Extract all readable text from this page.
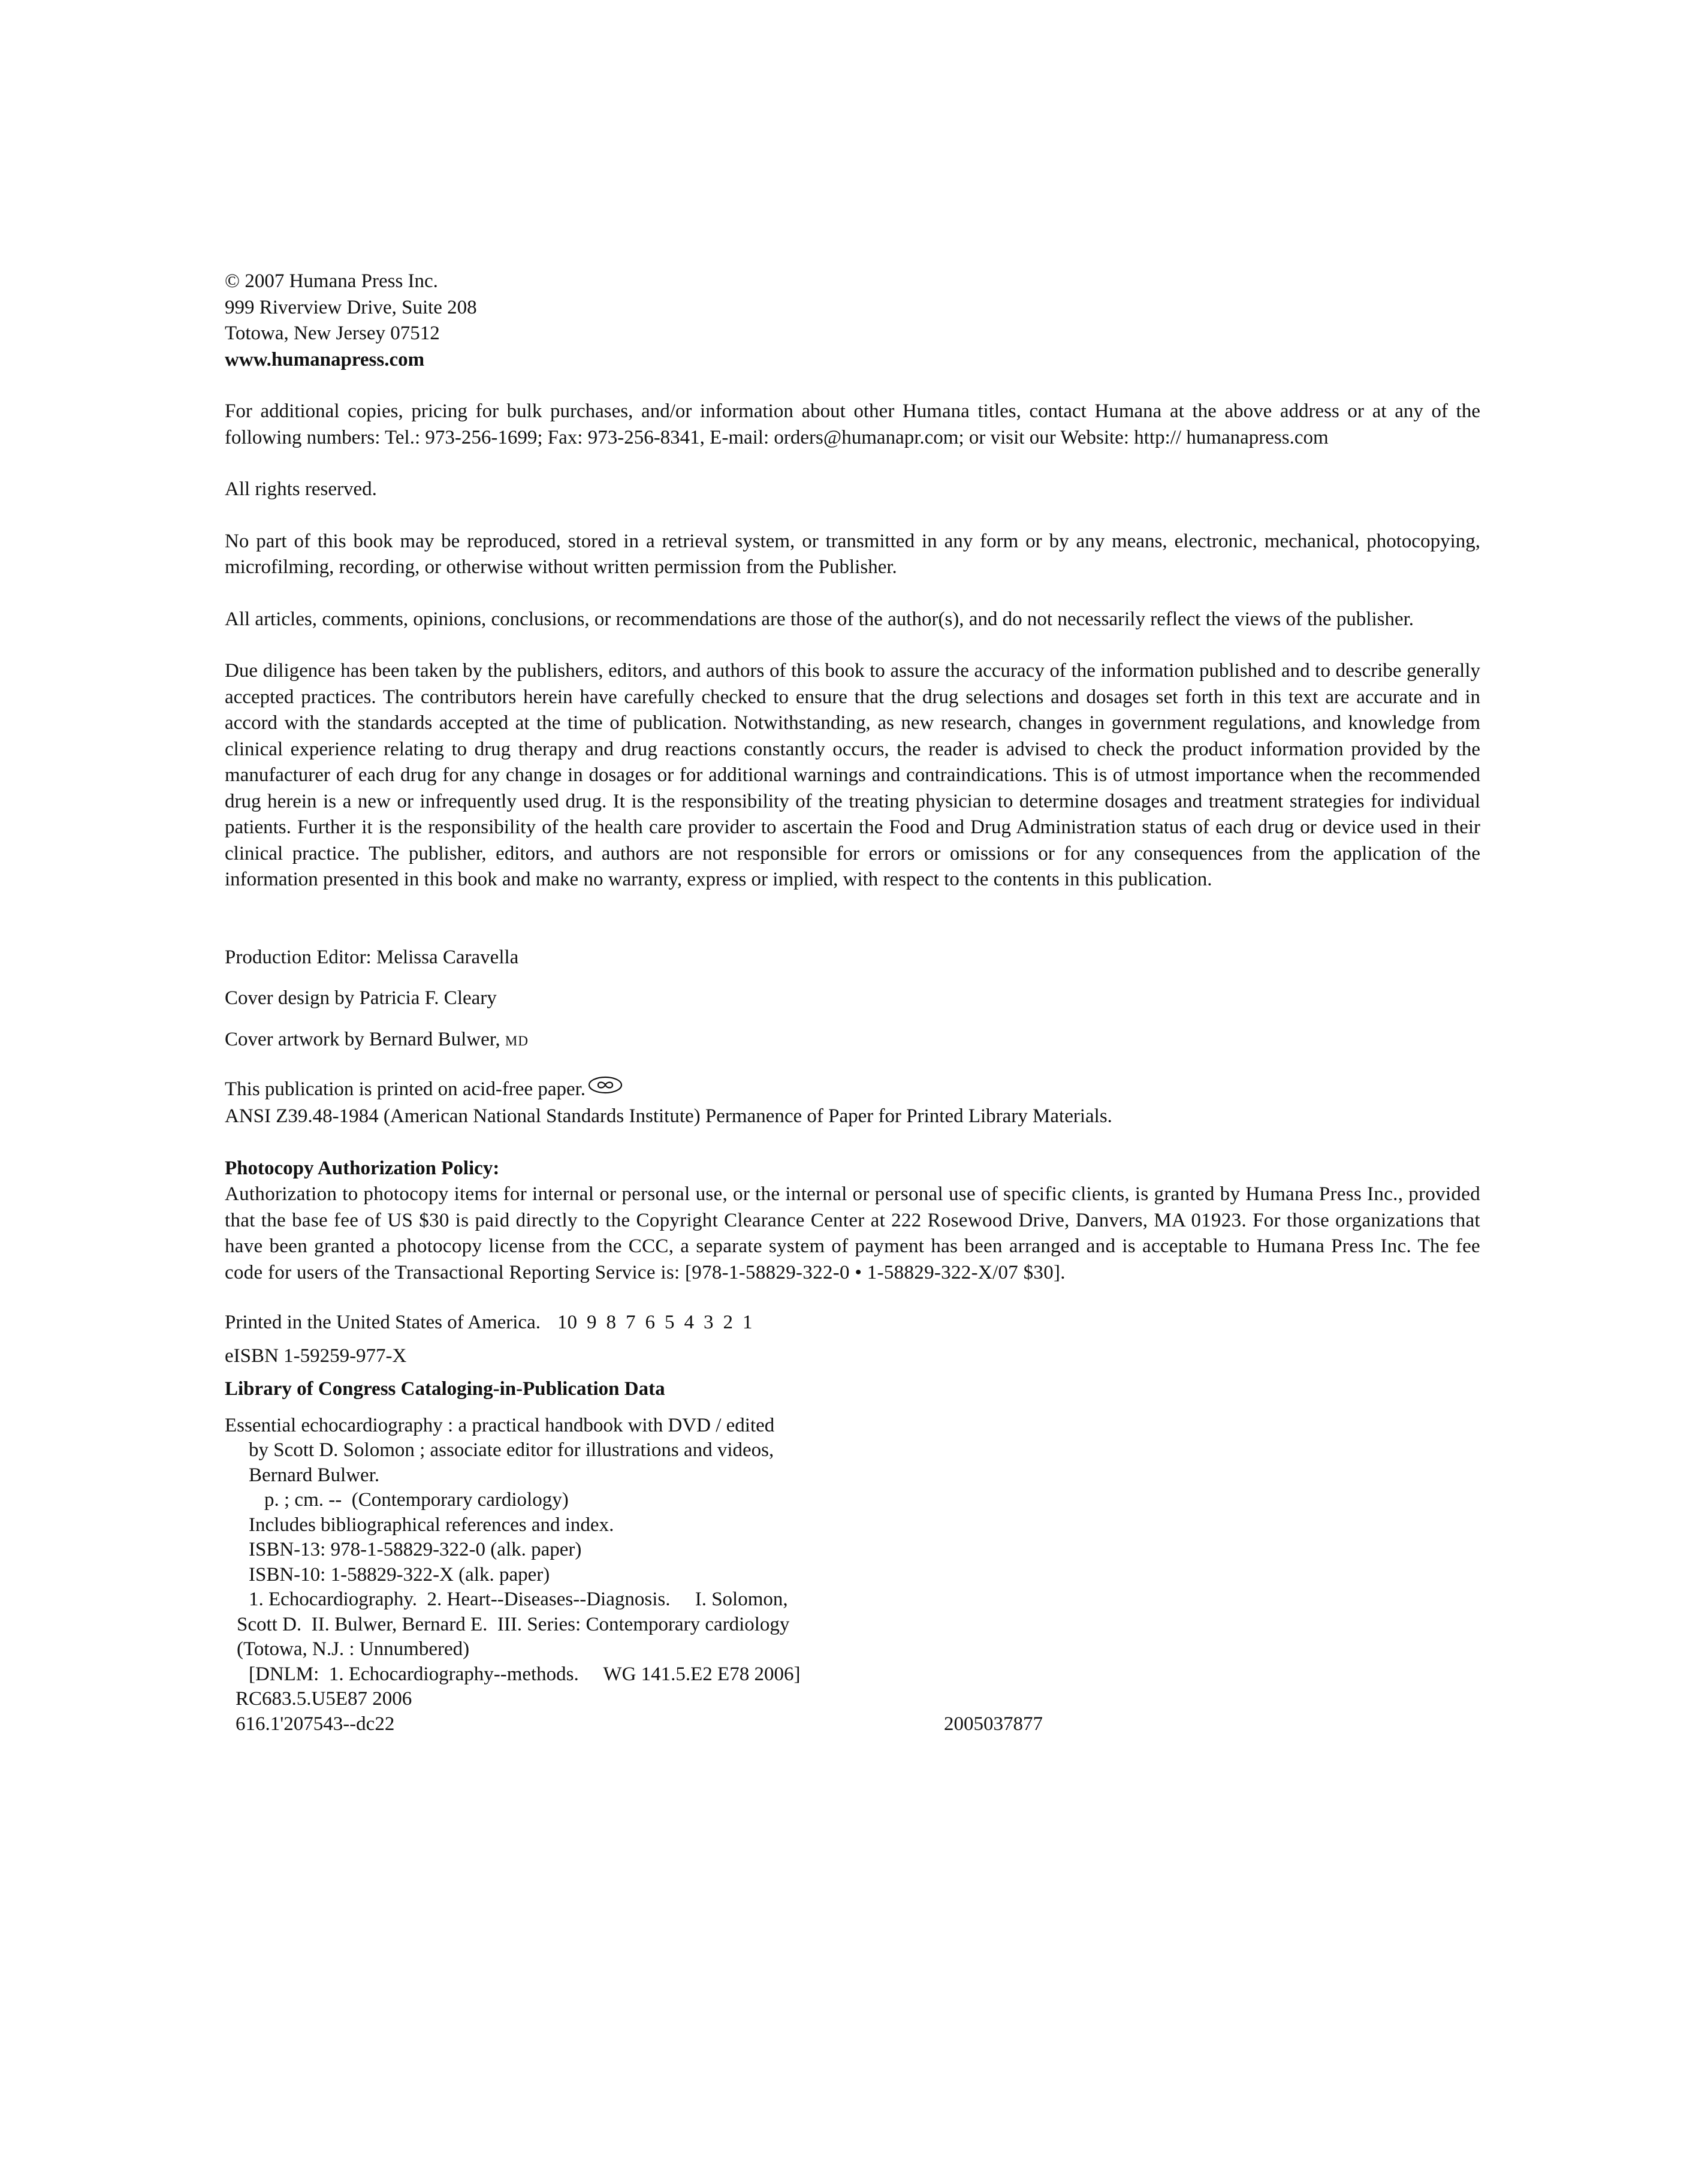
© 2007 Humana Press Inc.

999 Riverview Drive, Suite 208

Totowa, New Jersey 07512

www.humanapress.com

For additional copies, pricing for bulk purchases, and/or information about other Humana titles, contact Humana at the above address or at any of the following numbers: Tel.: 973-256-1699; Fax: 973-256-8341, E-mail: orders@humanapr.com; or visit our Website: http:// humanapress.com

All rights reserved.

No part of this book may be reproduced, stored in a retrieval system, or transmitted in any form or by any means, electronic, mechanical, photocopying, microfilming, recording, or otherwise without written permission from the Publisher.

All articles, comments, opinions, conclusions, or recommendations are those of the author(s), and do not necessarily reflect the views of the publisher.

Due diligence has been taken by the publishers, editors, and authors of this book to assure the accuracy of the information published and to describe generally accepted practices. The contributors herein have carefully checked to ensure that the drug selections and dosages set forth in this text are accurate and in accord with the standards accepted at the time of publication. Notwithstanding, as new research, changes in government regulations, and knowledge from clinical experience relating to drug therapy and drug reactions constantly occurs, the reader is advised to check the product information provided by the manufacturer of each drug for any change in dosages or for additional warnings and contraindications. This is of utmost importance when the recommended drug herein is a new or infrequently used drug. It is the responsibility of the treating physician to determine dosages and treatment strategies for individual patients. Further it is the responsibility of the health care provider to ascertain the Food and Drug Administration status of each drug or device used in their clinical practice. The publisher, editors, and authors are not responsible for errors or omissions or for any consequences from the application of the information presented in this book and make no warranty, express or implied, with respect to the contents in this publication.

Production Editor: Melissa Caravella

Cover design by Patricia F. Cleary

Cover artwork by Bernard Bulwer, MD

This publication is printed on acid-free paper.

ANSI Z39.48-1984 (American National Standards Institute) Permanence of Paper for Printed Library Materials.

Photocopy Authorization Policy:

Authorization to photocopy items for internal or personal use, or the internal or personal use of specific clients, is granted by Humana Press Inc., provided that the base fee of US $30 is paid directly to the Copyright Clearance Center at 222 Rosewood Drive, Danvers, MA 01923. For those organizations that have been granted a photocopy license from the CCC, a separate system of payment has been arranged and is acceptable to Humana Press Inc. The fee code for users of the Transactional Reporting Service is: [978-1-58829-322-0 • 1-58829-322-X/07 $30].

Printed in the United States of America. 10 9 8 7 6 5 4 3 2 1

eISBN 1-59259-977-X

Library of Congress Cataloging-in-Publication Data

Essential echocardiography : a practical handbook with DVD / edited

by Scott D. Solomon ; associate editor for illustrations and videos,

Bernard Bulwer.

p. ; cm. --  (Contemporary cardiology)

Includes bibliographical references and index.

ISBN-13: 978-1-58829-322-0 (alk. paper)

ISBN-10: 1-58829-322-X (alk. paper)

1. Echocardiography.  2. Heart--Diseases--Diagnosis.     I. Solomon,

Scott D.  II. Bulwer, Bernard E.  III. Series: Contemporary cardiology

(Totowa, N.J. : Unnumbered)

[DNLM:  1. Echocardiography--methods.     WG 141.5.E2 E78 2006]

RC683.5.U5E87 2006

616.1'207543--dc22	2005037877
